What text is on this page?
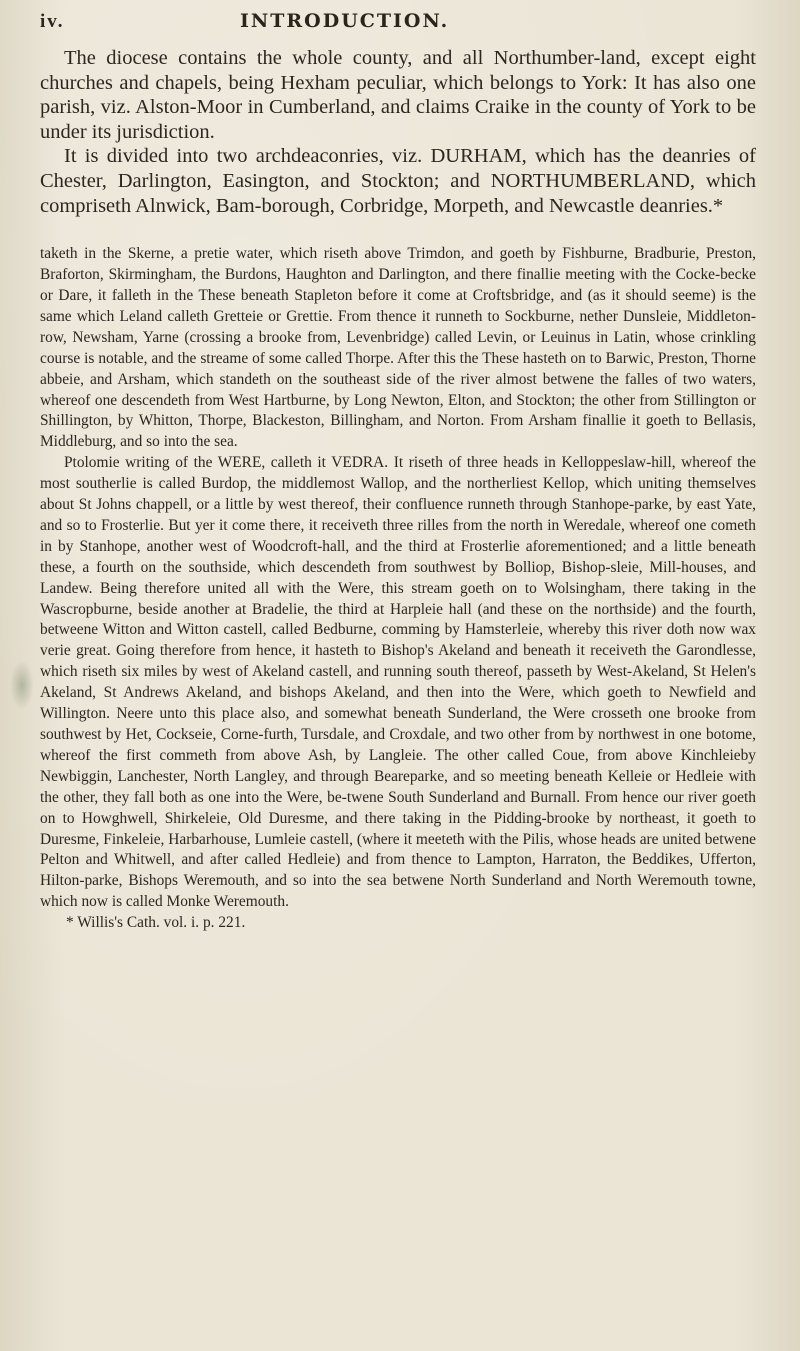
iv.	INTRODUCTION.

The diocese contains the whole county, and all Northumber-land, except eight churches and chapels, being Hexham peculiar, which belongs to York: It has also one parish, viz. Alston-Moor in Cumberland, and claims Craike in the county of York to be under its jurisdiction.

It is divided into two archdeaconries, viz. DURHAM, which has the deanries of Chester, Darlington, Easington, and Stockton; and NORTHUMBERLAND, which compriseth Alnwick, Bam-borough, Corbridge, Morpeth, and Newcastle deanries.*

taketh in the Skerne, a pretie water, which riseth above Trimdon, and goeth by Fishburne, Bradburie, Preston, Braforton, Skirmingham, the Burdons, Haughton and Darlington, and there finallie meeting with the Cocke-becke or Dare, it falleth in the These beneath Stapleton before it come at Croftsbridge, and (as it should seeme) is the same which Leland calleth Gretteie or Grettie. From thence it runneth to Sockburne, nether Dunsleie, Middleton-row, Newsham, Yarne (crossing a brooke from, Levenbridge) called Levin, or Leuinus in Latin, whose crinkling course is notable, and the streame of some called Thorpe. After this the These hasteth on to Barwic, Preston, Thorne abbeie, and Arsham, which standeth on the southeast side of the river almost betwene the falles of two waters, whereof one descendeth from West Hartburne, by Long Newton, Elton, and Stockton; the other from Stillington or Shillington, by Whitton, Thorpe, Blackeston, Billingham, and Norton. From Arsham finallie it goeth to Bellasis, Middleburg, and so into the sea.

Ptolomie writing of the WERE, calleth it VEDRA. It riseth of three heads in Kelloppeslaw-hill, whereof the most southerlie is called Burdop, the middlemost Wallop, and the northerliest Kellop, which uniting themselves about St Johns chappell, or a little by west thereof, their confluence runneth through Stanhope-parke, by east Yate, and so to Frosterlie. But yer it come there, it receiveth three rilles from the north in Weredale, whereof one cometh in by Stanhope, another west of Woodcroft-hall, and the third at Frosterlie aforementioned; and a little beneath these, a fourth on the southside, which descendeth from southwest by Bolliop, Bishop-sleie, Mill-houses, and Landew. Being therefore united all with the Were, this stream goeth on to Wolsingham, there taking in the Wascropburne, beside another at Bradelie, the third at Harpleie hall (and these on the northside) and the fourth, betweene Witton and Witton castell, called Bedburne, comming by Hamsterleie, whereby this river doth now wax verie great. Going therefore from hence, it hasteth to Bishop's Akeland and beneath it receiveth the Garondlesse, which riseth six miles by west of Akeland castell, and running south thereof, passeth by West-Akeland, St Helen's Akeland, St Andrews Akeland, and bishops Akeland, and then into the Were, which goeth to Newfield and Willington. Neere unto this place also, and somewhat beneath Sunderland, the Were crosseth one brooke from southwest by Het, Cockseie, Corne-furth, Tursdale, and Croxdale, and two other from by northwest in one botome, whereof the first commeth from above Ash, by Langleie. The other called Coue, from above Kinchleieby Newbiggin, Lanchester, North Langley, and through Beareparke, and so meeting beneath Kelleie or Hedleie with the other, they fall both as one into the Were, be-twene South Sunderland and Burnall. From hence our river goeth on to Howghwell, Shirkeleie, Old Duresme, and there taking in the Pidding-brooke by northeast, it goeth to Duresme, Finkeleie, Harbarhouse, Lumleie castell, (where it meeteth with the Pilis, whose heads are united betwene Pelton and Whitwell, and after called Hedleie) and from thence to Lampton, Harraton, the Beddikes, Ufferton, Hilton-parke, Bishops Weremouth, and so into the sea betwene North Sunderland and North Weremouth towne, which now is called Monke Weremouth.

* Willis's Cath. vol. i. p. 221.
